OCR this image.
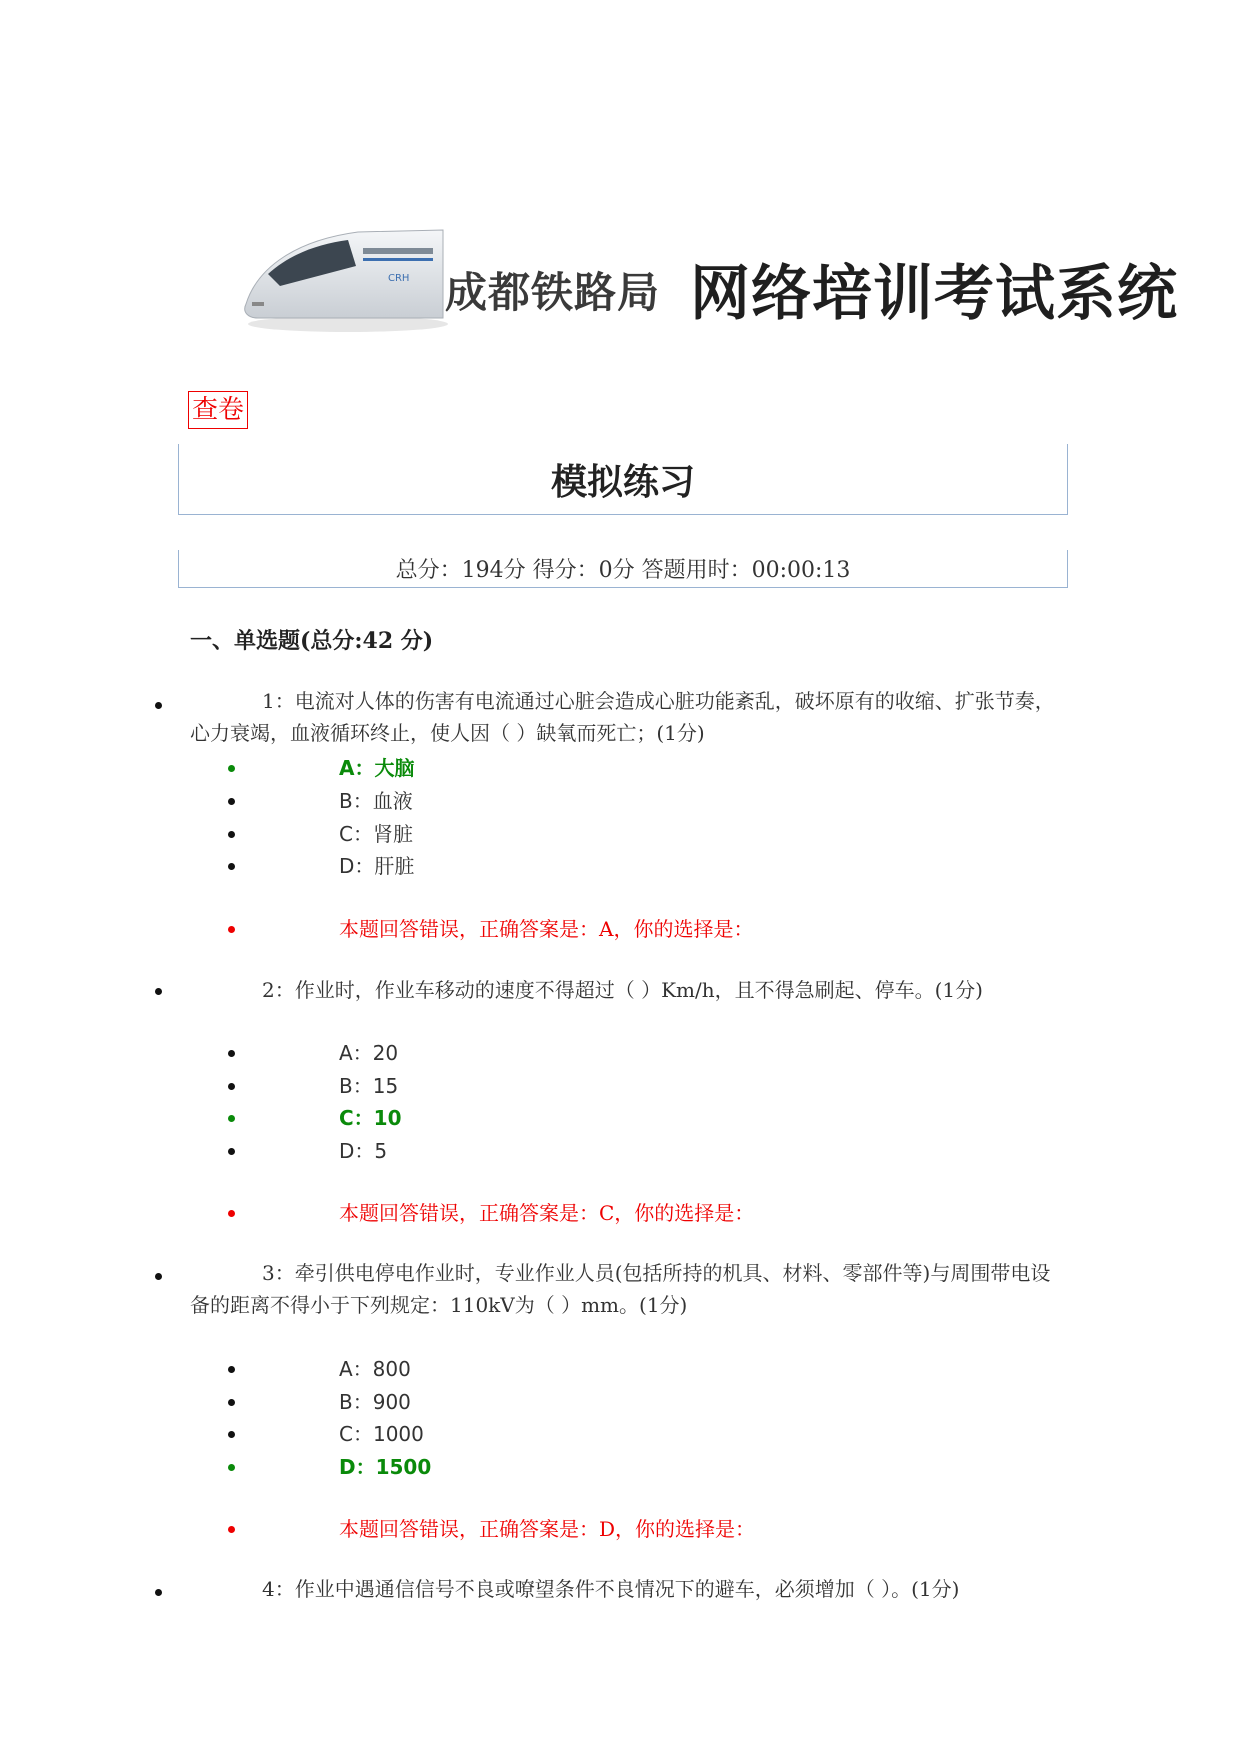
CRH 成都铁路局 网络培训考试系统
查卷
模拟练习
总分：194分 得分：0分 答题用时：00:00:13
一、单选题(总分:42 分)
1：电流对人体的伤害有电流通过心脏会造成心脏功能紊乱，破坏原有的收缩、扩张节奏，心力衰竭，血液循环终止，使人因（ ）缺氧而死亡；(1分)
A：大脑
B：血液
C：肾脏
D：肝脏
本题回答错误，正确答案是：A，你的选择是：
2：作业时，作业车移动的速度不得超过（ ）Km/h，且不得急刷起、停车。(1分)
A：20
B：15
C：10
D：5
本题回答错误，正确答案是：C，你的选择是：
3：牵引供电停电作业时，专业作业人员(包括所持的机具、材料、零部件等)与周围带电设备的距离不得小于下列规定：110kV为（ ）mm。(1分)
A：800
B：900
C：1000
D：1500
本题回答错误，正确答案是：D，你的选择是：
4：作业中遇通信信号不良或嘹望条件不良情况下的避车，必须增加（ ）。(1分)
